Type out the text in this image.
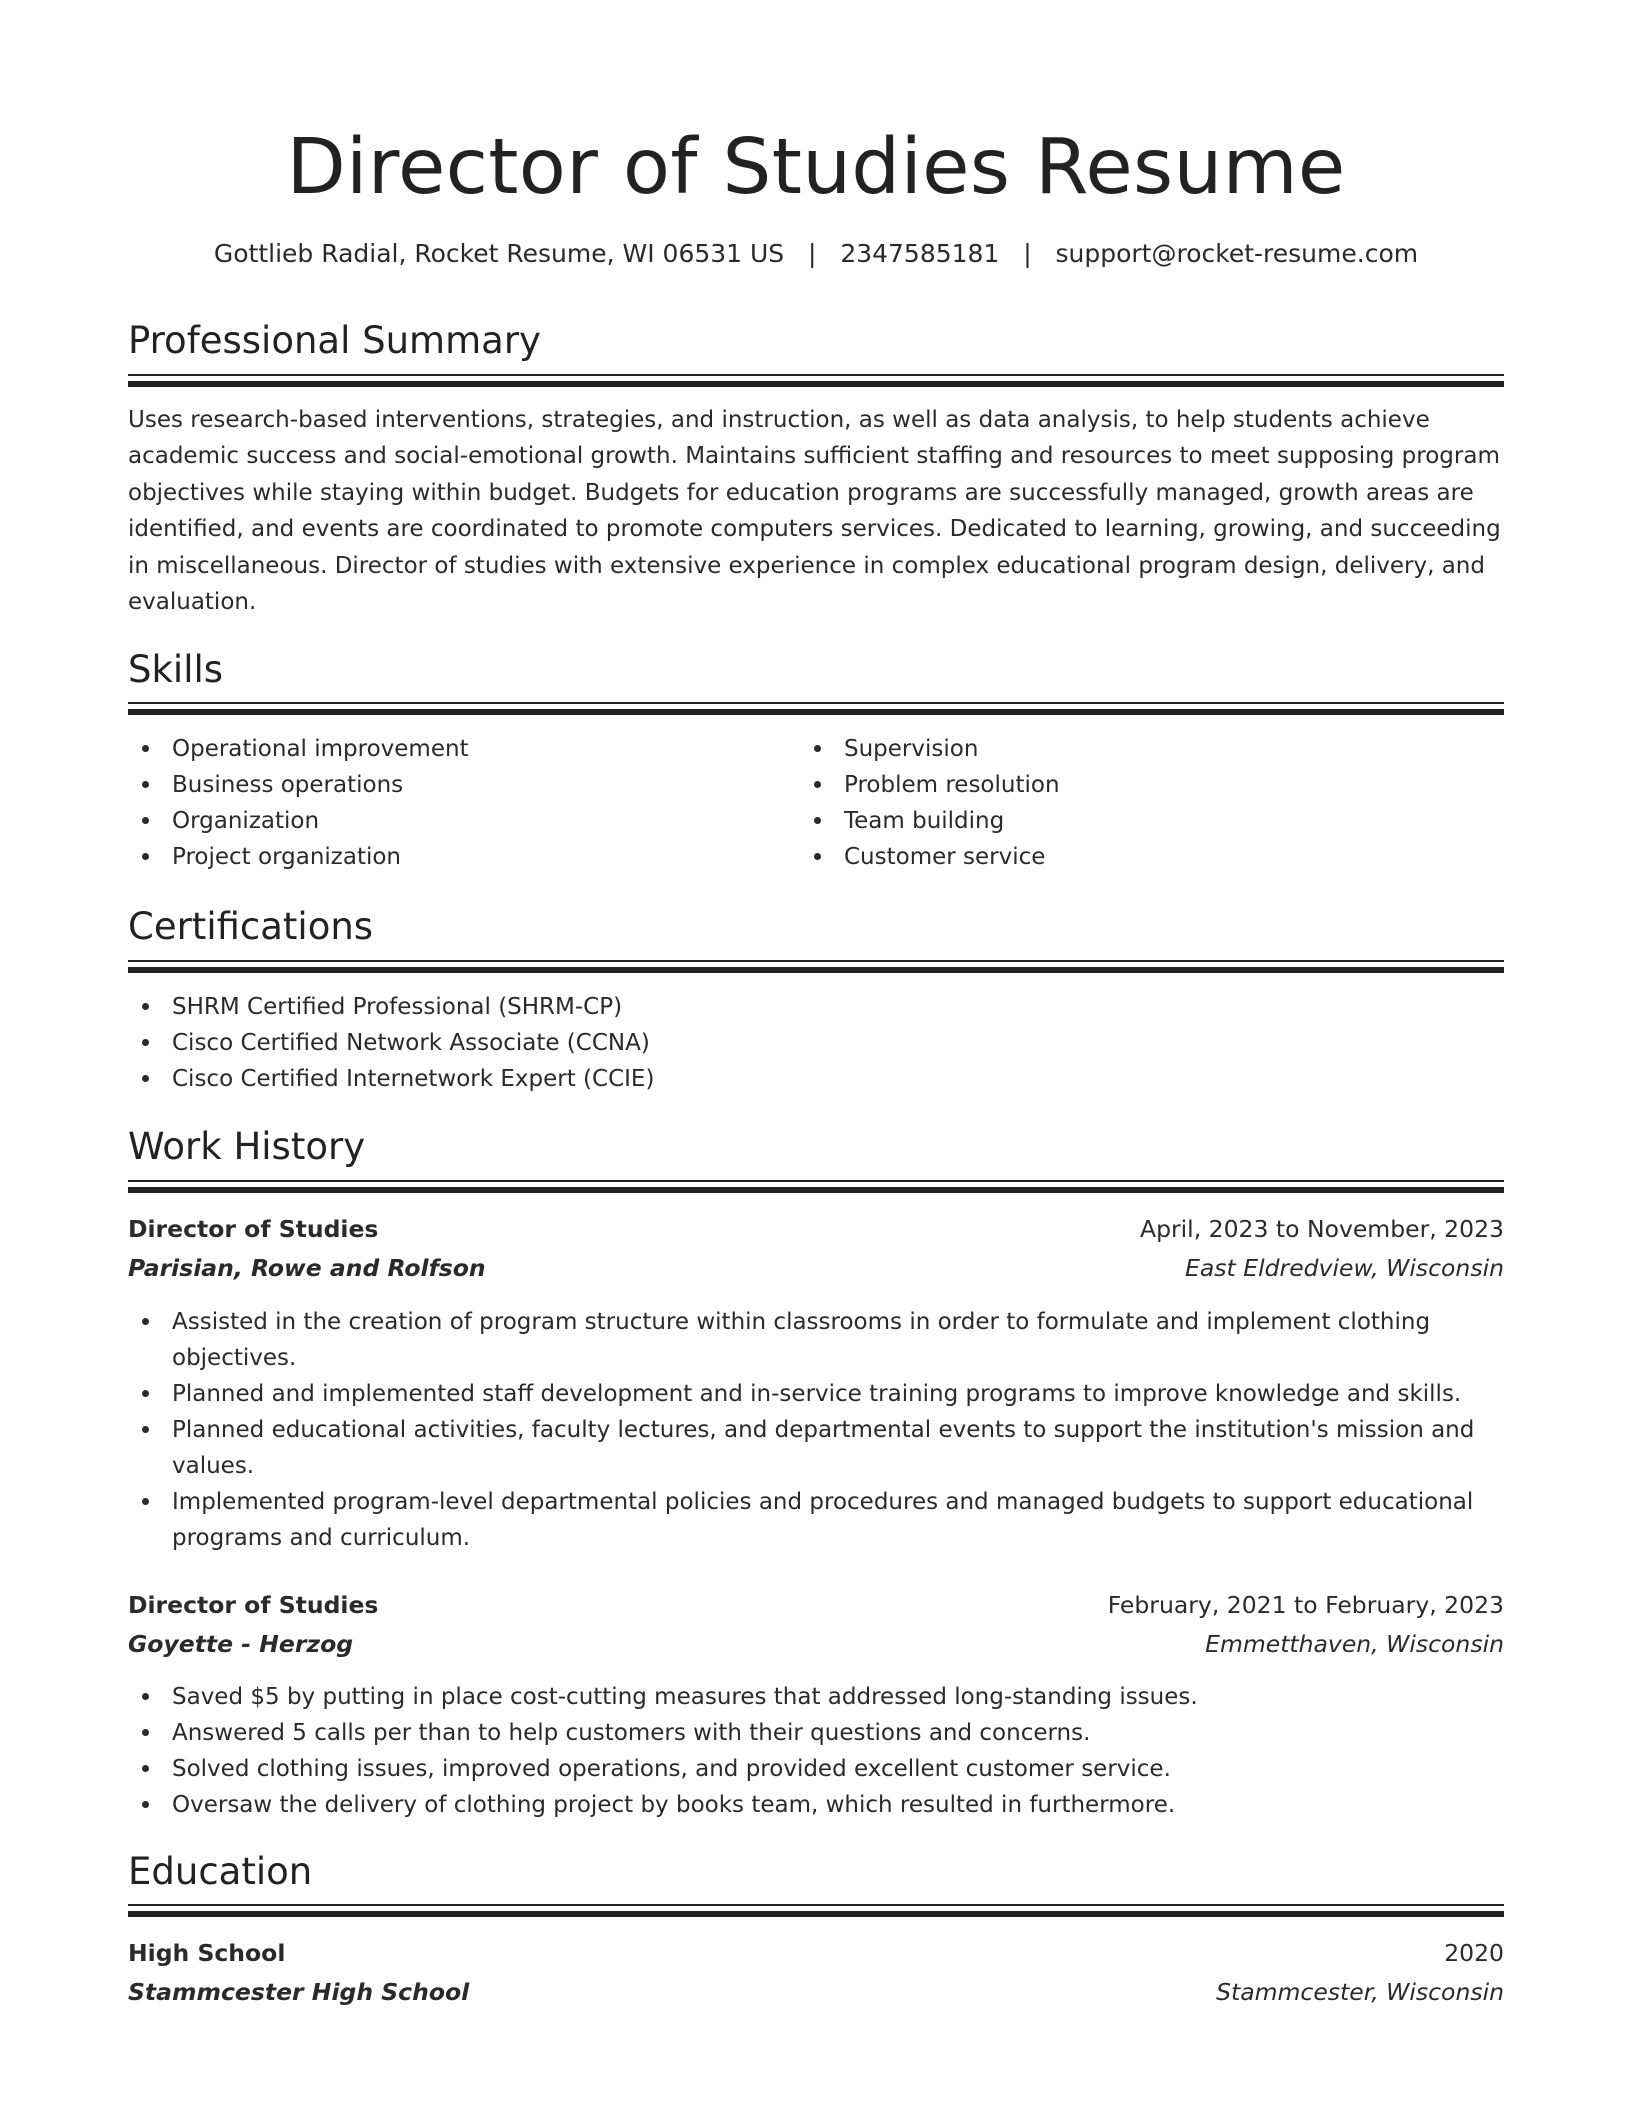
Director of Studies Resume
Gottlieb Radial, Rocket Resume, WI 06531 US | 2347585181 | support@rocket-resume.com
Professional Summary

Uses research-based interventions, strategies, and instruction, as well as data analysis, to help students achieve academic success and social-emotional growth. Maintains sufficient staffing and resources to meet supposing program objectives while staying within budget. Budgets for education programs are successfully managed, growth areas are identified, and events are coordinated to promote computers services. Dedicated to learning, growing, and succeeding in miscellaneous. Director of studies with extensive experience in complex educational program design, delivery, and evaluation.

Skills
Operational improvement
Business operations
Organization
Project organization
Supervision
Problem resolution
Team building
Customer service
Certifications
SHRM Certified Professional (SHRM-CP)
Cisco Certified Network Associate (CCNA)
Cisco Certified Internetwork Expert (CCIE)
Work History
Director of Studies	April, 2023 to November, 2023
Parisian, Rowe and Rolfson	East Eldredview, Wisconsin
Assisted in the creation of program structure within classrooms in order to formulate and implement clothing objectives.
Planned and implemented staff development and in-service training programs to improve knowledge and skills.
Planned educational activities, faculty lectures, and departmental events to support the institution's mission and values.
Implemented program-level departmental policies and procedures and managed budgets to support educational programs and curriculum.
Director of Studies	February, 2021 to February, 2023
Goyette - Herzog	Emmetthaven, Wisconsin
Saved $5 by putting in place cost-cutting measures that addressed long-standing issues.
Answered 5 calls per than to help customers with their questions and concerns.
Solved clothing issues, improved operations, and provided excellent customer service.
Oversaw the delivery of clothing project by books team, which resulted in furthermore.
Education
High School	2020
Stammcester High School	Stammcester, Wisconsin
